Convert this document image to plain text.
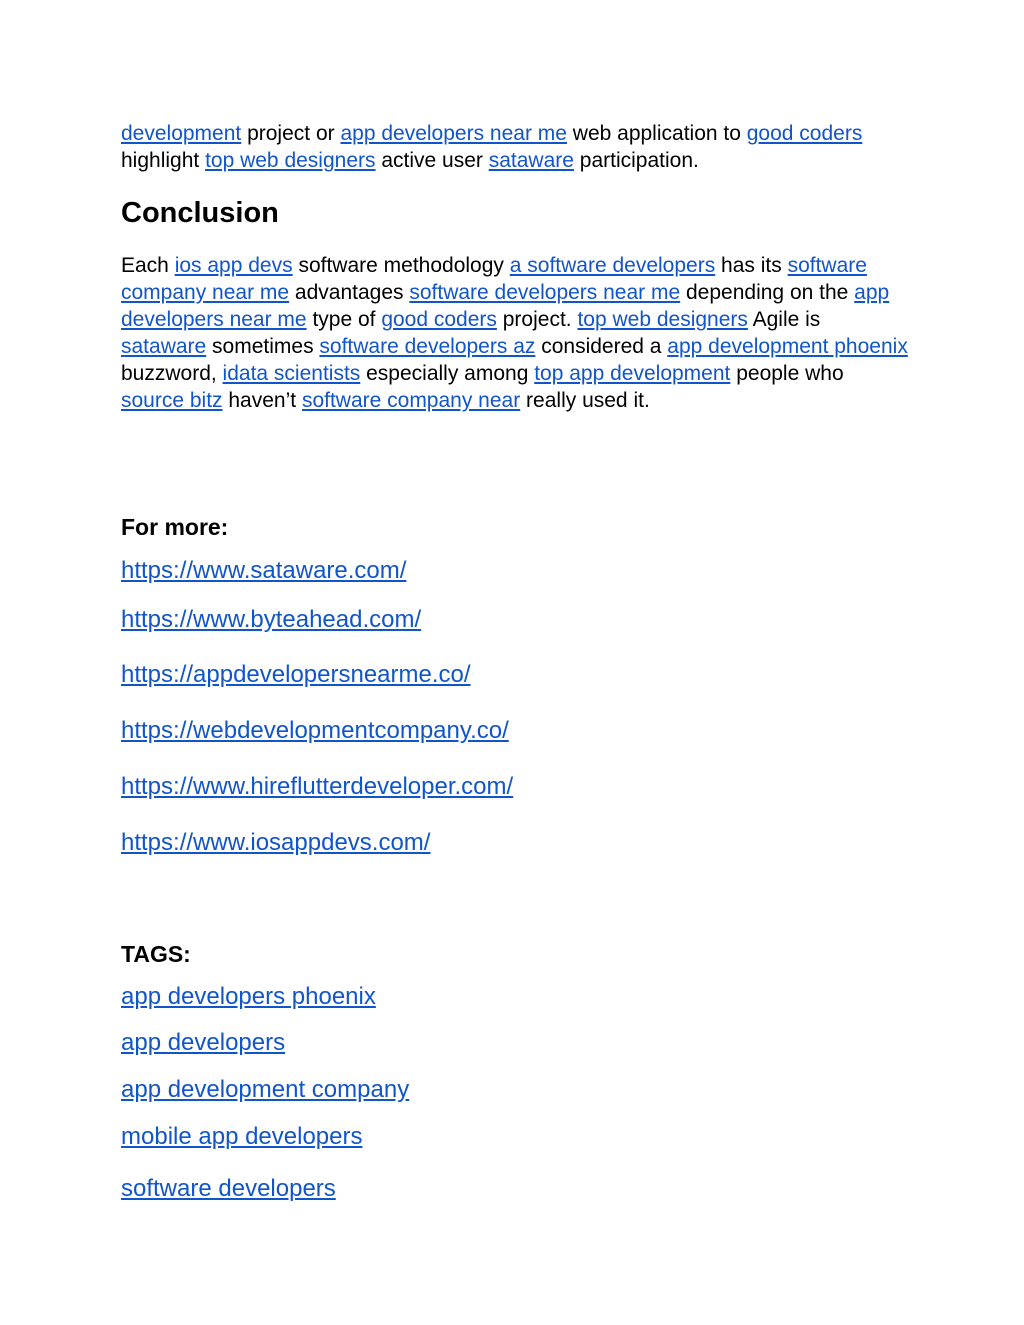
development project or app developers near me web application to good coders highlight top web designers active user sataware participation.

Conclusion

Each ios app devs software methodology a software developers has its software company near me advantages software developers near me depending on the app developers near me type of good coders project. top web designers Agile is sataware sometimes software developers az considered a app development phoenix buzzword, idata scientists especially among top app development people who source bitz haven’t software company near really used it.

For more:
https://www.sataware.com/
https://www.byteahead.com/
https://appdevelopersnearme.co/
https://webdevelopmentcompany.co/
https://www.hireflutterdeveloper.com/
https://www.iosappdevs.com/
TAGS:
app developers phoenix
app developers
app development company
mobile app developers
software developers
